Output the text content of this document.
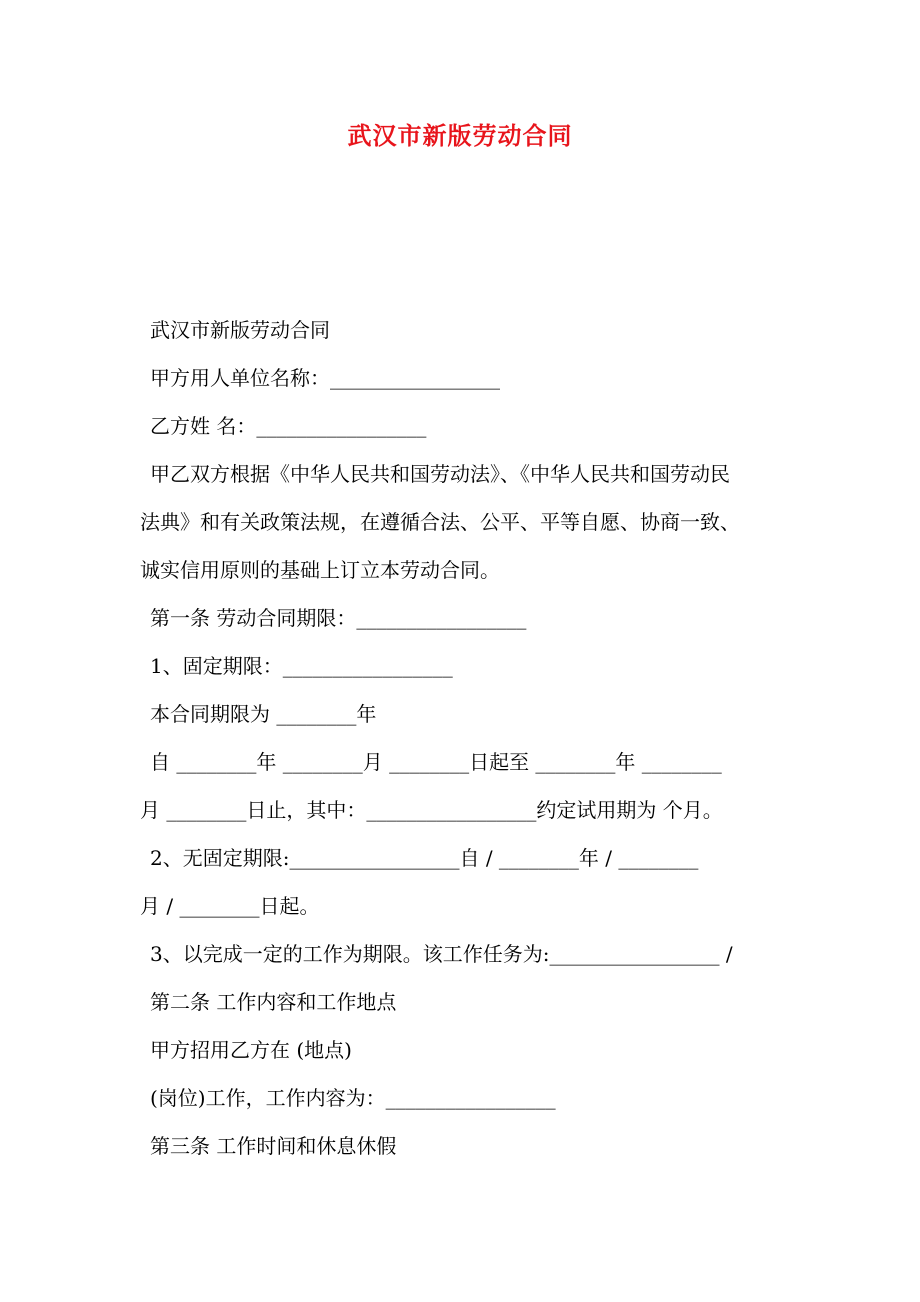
武汉市新版劳动合同
武汉市新版劳动合同
甲方用人单位名称：_________________
乙方姓 名：_________________
甲乙双方根据《中华人民共和国劳动法》、《中华人民共和国劳动民
法典》和有关政策法规，在遵循合法、公平、平等自愿、协商一致、
诚实信用原则的基础上订立本劳动合同。
第一条 劳动合同期限：_________________
1、固定期限：_________________
本合同期限为 ________年
自 ________年 ________月 ________日起至 ________年 ________
月 ________日止，其中：_________________约定试用期为 个月。
2、无固定期限:_________________自 / ________年 / ________
月 / ________日起。
3、以完成一定的工作为期限。该工作任务为:_________________ /
第二条 工作内容和工作地点
甲方招用乙方在 (地点)
(岗位)工作，工作内容为：_________________
第三条 工作时间和休息休假
